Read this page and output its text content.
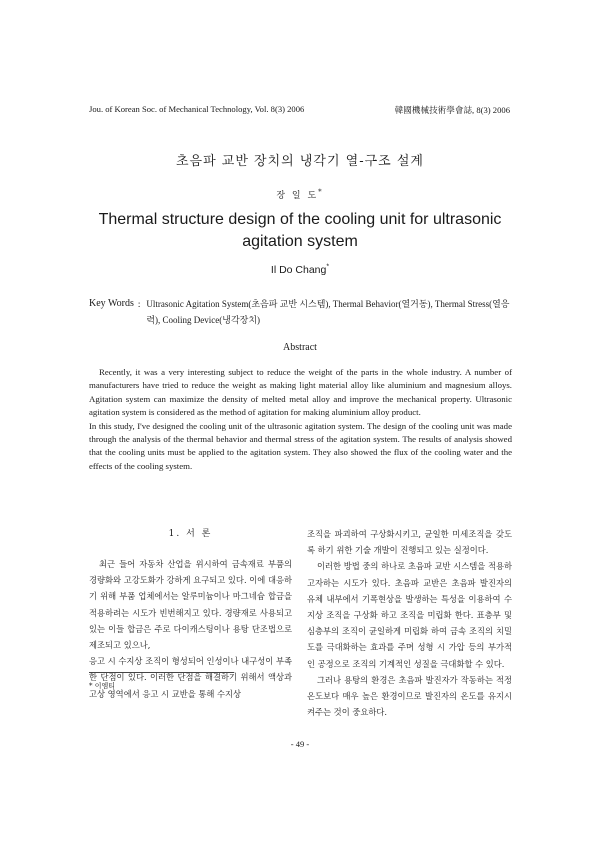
Jou. of Korean Soc. of Mechanical Technology, Vol. 8(3) 2006	韓國機械技術學會誌, 8(3) 2006
초음파 교반 장치의 냉각기 열-구조 설계
장 일 도*
Thermal structure design of the cooling unit for ultrasonic agitation system
Il Do Chang*
Key Words : Ultrasonic Agitation System(초음파 교반 시스템), Thermal Behavior(열거동), Thermal Stress(열응력), Cooling Device(냉각장치)
Abstract

Recently, it was a very interesting subject to reduce the weight of the parts in the whole industry. A number of manufacturers have tried to reduce the weight as making light material alloy like aluminium and magnesium alloys. Agitation system can maximize the density of melted metal alloy and improve the mechanical property. Ultrasonic agitation system is considered as the method of agitation for making aluminium alloy product.

In this study, I've designed the cooling unit of the ultrasonic agitation system. The design of the cooling unit was made through the analysis of the thermal behavior and thermal stress of the agitation system. The results of analysis showed that the cooling units must be applied to the agitation system. They also showed the flux of the cooling water and the effects of the cooling system.

1. 서 론

최근 들어 자동차 산업을 위시하여 금속재료 부품의 경량화와 고강도화가 강하게 요구되고 있다. 이에 대응하기 위해 부품 업체에서는 알루미늄이나 마그네슘 합금을 적용하려는 시도가 빈번해지고 있다. 경량재로 사용되고 있는 이들 합금은 주로 다이캐스팅이나 용탕 단조법으로 제조되고 있으나,

응고 시 수지상 조직이 형성되어 인성이나 내구성이 부족한 단점이 있다. 이러한 단점을 해결하기 위해서 액상과 고상 영역에서 응고 시 교반을 통해 수지상

조직을 파괴하여 구상화시키고, 균일한 미세조직을 갖도록 하기 위한 기술 개발이 진행되고 있는 실정이다.

이러한 방법 중의 하나로 초음파 교반 시스템을 적용하고자하는 시도가 있다. 초음파 교반은 초음파 발진자의 유체 내부에서 기폭현상을 발생하는 특성을 이용하여 수지상 조직을 구상화 하고 조직을 미립화 한다. 표층부 및 심층부의 조직이 균일하게 미립화 하여 금속 조직의 치밀도를 극대화하는 효과를 주며 성형 시 가압 등의 부가적인 공정으로 조직의 기계적인 성질을 극대화할 수 있다.

그러나 용탕의 환경은 초음파 발진자가 작동하는 적정 온도보다 매우 높은 환경이므로 발진자의 온도를 유지시켜주는 것이 중요하다.

* 이엠티
- 49 -
